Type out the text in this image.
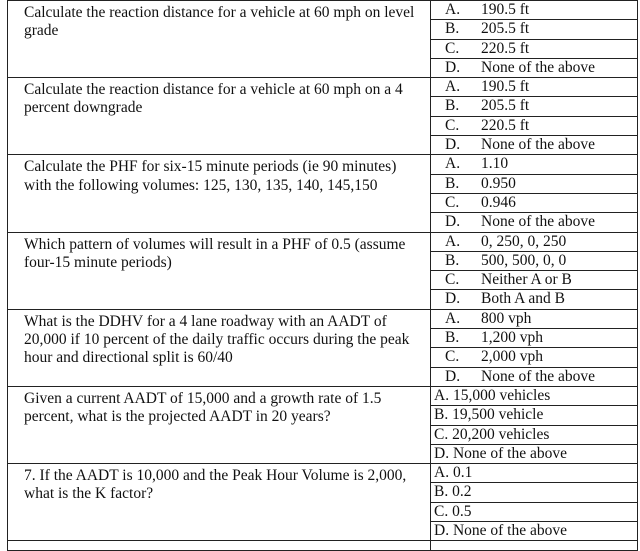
Calculate the reaction distance for a vehicle at 60 mph on level grade	A. 190.5 ft
	B. 205.5 ft
	C. 220.5 ft
	D. None of the above
Calculate the reaction distance for a vehicle at 60 mph on a 4 percent downgrade	A. 190.5 ft
	B. 205.5 ft
	C. 220.5 ft
	D. None of the above
Calculate the PHF for six-15 minute periods (ie 90 minutes) with the following volumes: 125, 130, 135, 140, 145,150	A. 1.10
	B. 0.950
	C. 0.946
	D. None of the above
Which pattern of volumes will result in a PHF of 0.5 (assume four-15 minute periods)	A. 0, 250, 0, 250
	B. 500, 500, 0, 0
	C. Neither A or B
	D. Both A and B
What is the DDHV for a 4 lane roadway with an AADT of 20,000 if 10 percent of the daily traffic occurs during the peak hour and directional split is 60/40	A. 800 vph
	B. 1,200 vph
	C. 2,000 vph
	D. None of the above
Given a current AADT of 15,000 and a growth rate of 1.5 percent, what is the projected AADT in 20 years?	A. 15,000 vehicles
	B. 19,500 vehicle
	C. 20,200 vehicles
	D. None of the above
7. If the AADT is 10,000 and the Peak Hour Volume is 2,000, what is the K factor?	A. 0.1
	B. 0.2
	C. 0.5
	D. None of the above
